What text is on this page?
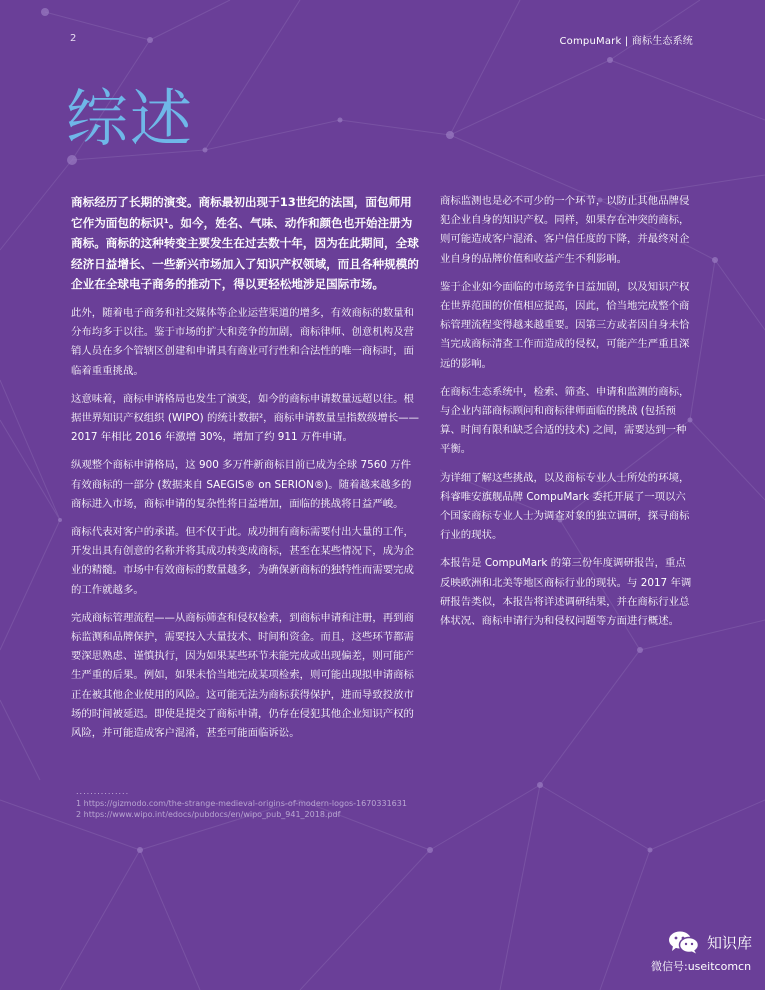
2	CompuMark | 商标生态系统
综述

商标经历了长期的演变。商标最初出现于13世纪的法国，面包师用它作为面包的标识¹。如今，姓名、气味、动作和颜色也开始注册为商标。商标的这种转变主要发生在过去数十年，因为在此期间，全球经济日益增长、一些新兴市场加入了知识产权领域，而且各种规模的企业在全球电子商务的推动下，得以更轻松地涉足国际市场。

此外，随着电子商务和社交媒体等企业运营渠道的增多，有效商标的数量和分布均多于以往。鉴于市场的扩大和竞争的加剧，商标律师、创意机构及营销人员在多个管辖区创建和申请具有商业可行性和合法性的唯一商标时，面临着重重挑战。

这意味着，商标申请格局也发生了演变，如今的商标申请数量远超以往。根据世界知识产权组织 (WIPO) 的统计数据²，商标申请数量呈指数级增长——2017 年相比 2016 年激增 30%，增加了约 911 万件申请。

纵观整个商标申请格局，这 900 多万件新商标目前已成为全球 7560 万件有效商标的一部分 (数据来自 SAEGIS® on SERION®)。随着越来越多的商标进入市场，商标申请的复杂性将日益增加，面临的挑战将日益严峻。

商标代表对客户的承诺。但不仅于此。成功拥有商标需要付出大量的工作，开发出具有创意的名称并将其成功转变成商标，甚至在某些情况下，成为企业的精髓。市场中有效商标的数量越多，为确保新商标的独特性而需要完成的工作就越多。

完成商标管理流程——从商标筛查和侵权检索，到商标申请和注册，再到商标监测和品牌保护，需要投入大量技术、时间和资金。而且，这些环节都需要深思熟虑、谨慎执行，因为如果某些环节未能完成或出现偏差，则可能产生严重的后果。例如，如果未恰当地完成某项检索，则可能出现拟申请商标正在被其他企业使用的风险。这可能无法为商标获得保护，进而导致投放市场的时间被延迟。即使是提交了商标申请，仍存在侵犯其他企业知识产权的风险，并可能造成客户混淆，甚至可能面临诉讼。

商标监测也是必不可少的一个环节，以防止其他品牌侵犯企业自身的知识产权。同样，如果存在冲突的商标，则可能造成客户混淆、客户信任度的下降，并最终对企业自身的品牌价值和收益产生不利影响。

鉴于企业如今面临的市场竞争日益加剧，以及知识产权在世界范围的价值相应提高，因此，恰当地完成整个商标管理流程变得越来越重要。因第三方或者因自身未恰当完成商标清查工作而造成的侵权，可能产生严重且深远的影响。

在商标生态系统中，检索、筛查、申请和监测的商标，与企业内部商标顾问和商标律师面临的挑战 (包括预算、时间有限和缺乏合适的技术) 之间，需要达到一种平衡。

为详细了解这些挑战，以及商标专业人士所处的环境，科睿唯安旗舰品牌 CompuMark 委托开展了一项以六个国家商标专业人士为调查对象的独立调研，探寻商标行业的现状。

本报告是 CompuMark 的第三份年度调研报告，重点反映欧洲和北美等地区商标行业的现状。与 2017 年调研报告类似，本报告将详述调研结果，并在商标行业总体状况、商标申请行为和侵权问题等方面进行概述。

...............
1 https://gizmodo.com/the-strange-medieval-origins-of-modern-logos-1670331631
2 https://www.wipo.int/edocs/pubdocs/en/wipo_pub_941_2018.pdf
知识库
微信号:useitcomcn
